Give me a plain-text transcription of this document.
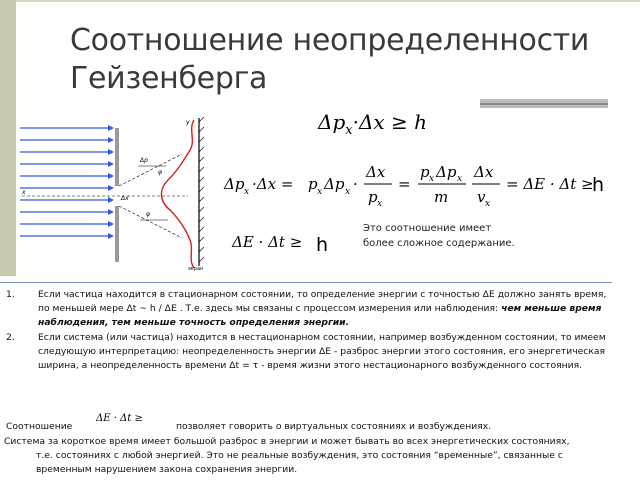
Соотношение неопределенности
Гейзенберга
$\Delta p_x\cdot\Delta x \ge h$
x
Δp
Δx
φ
φ
y
экран
Δp x ·Δx = p x Δp x ·
Δx
p x
=
p x Δp x
m
Δx
v x
= ΔE · Δt ≥
h
ΔE · Δt ≥ h
Это соотношение имеет
более сложное содержание.
1.	Если частица находится в стационарном состоянии, то определение энергии с точностью ΔE должно занять время, по меньшей мере Δt ~ h / ΔE . Т.е. здесь мы связаны с процессом измерения или наблюдения: чем меньше время наблюдения, тем меньше точность определения энергии.
2.	Если система (или частица) находится в нестационарном состоянии, например возбужденном состоянии, то имеем следующую интерпретацию: неопределенность энергии ΔE - разброс энергии этого состояния, его энергетическая ширина, а неопределенность времени Δt = τ - время жизни этого нестационарного возбужденного состояния.
Соотношение
ΔE · Δt ≥
позволяет говорить о виртуальных состояниях и возбуждениях.
Система за короткое время имеет большой разброс в энергии и может бывать во всех энергетических состояниях,
т.е. состояниях с любой энергией. Это не реальные возбуждения, это состояния “временные”, связанные с
временным нарушением закона сохранения энергии.
